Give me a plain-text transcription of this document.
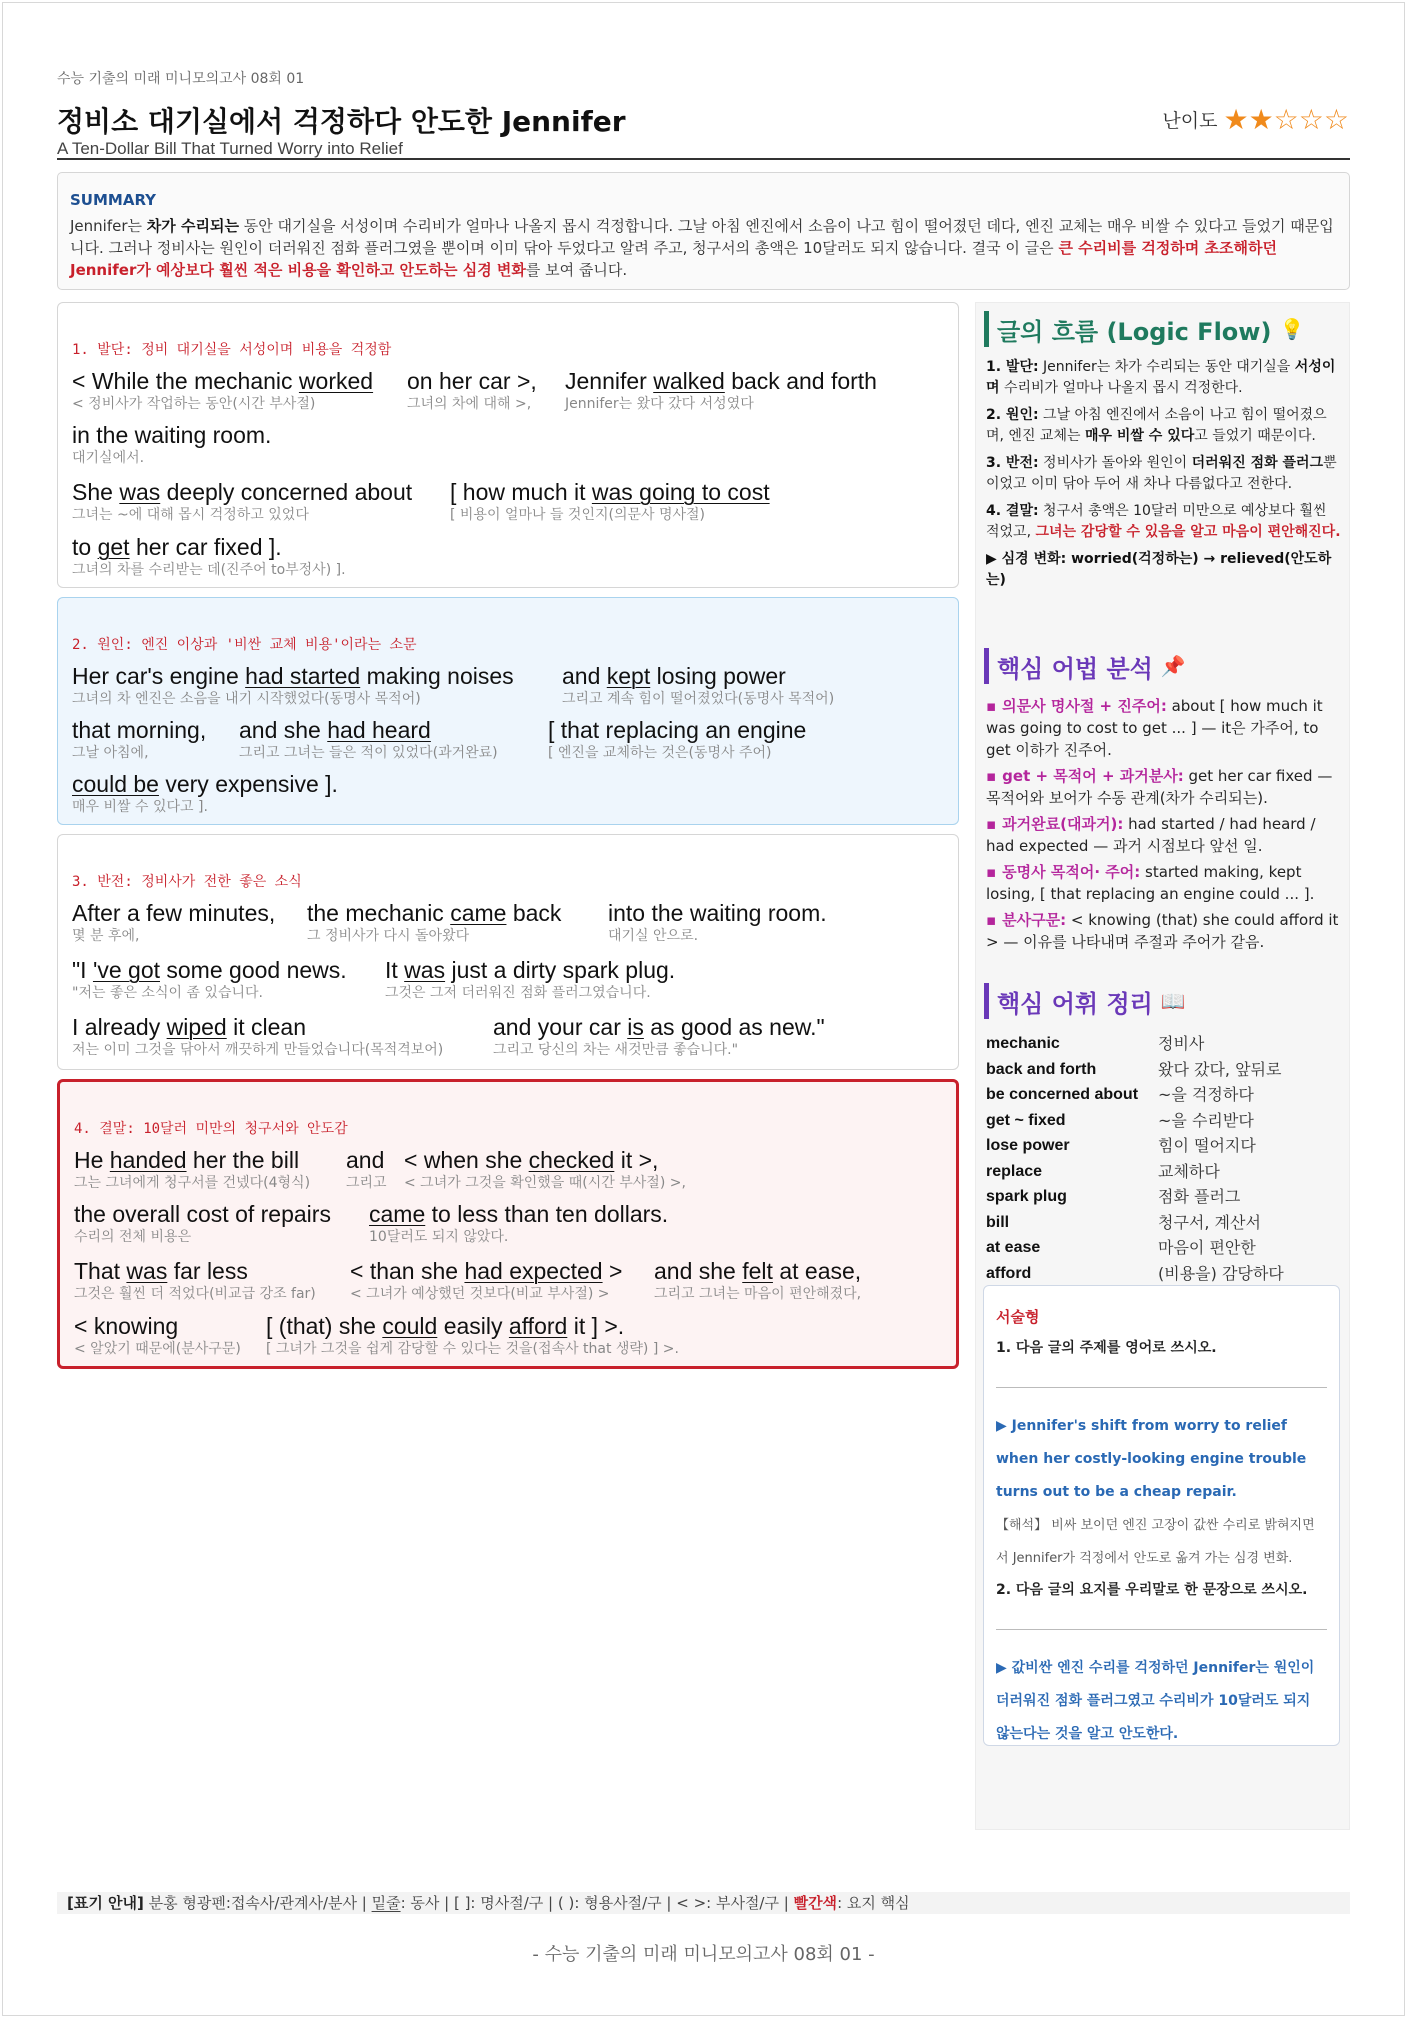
수능 기출의 미래 미니모의고사 08회 01
정비소 대기실에서 걱정하다 안도한 Jennifer
A Ten-Dollar Bill That Turned Worry into Relief
난이도 ★★☆☆☆
SUMMARY
Jennifer는 차가 수리되는 동안 대기실을 서성이며 수리비가 얼마나 나올지 몹시 걱정합니다. 그날 아침 엔진에서 소음이 나고 힘이 떨어졌던 데다, 엔진 교체는 매우 비쌀 수 있다고 들었기 때문입니다. 그러나 정비사는 원인이 더러워진 점화 플러그였을 뿐이며 이미 닦아 두었다고 알려 주고, 청구서의 총액은 10달러도 되지 않습니다. 결국 이 글은 큰 수리비를 걱정하며 초조해하던 Jennifer가 예상보다 훨씬 적은 비용을 확인하고 안도하는 심경 변화를 보여 줍니다.
1. 발단: 정비 대기실을 서성이며 비용을 걱정함
< While the mechanic worked
< 정비사가 작업하는 동안(시간 부사절)
on her car >,
그녀의 차에 대해 >,
Jennifer walked back and forth
Jennifer는 왔다 갔다 서성였다
in the waiting room.
대기실에서.
She was deeply concerned about
그녀는 ~에 대해 몹시 걱정하고 있었다
[ how much it was going to cost
[ 비용이 얼마나 들 것인지(의문사 명사절)
to get her car fixed ].
그녀의 차를 수리받는 데(진주어 to부정사) ].
2. 원인: 엔진 이상과 '비싼 교체 비용'이라는 소문
Her car's engine had started making noises
그녀의 차 엔진은 소음을 내기 시작했었다(동명사 목적어)
and kept losing power
그리고 계속 힘이 떨어졌었다(동명사 목적어)
that morning,
그날 아침에,
and she had heard
그리고 그녀는 들은 적이 있었다(과거완료)
[ that replacing an engine
[ 엔진을 교체하는 것은(동명사 주어)
could be very expensive ].
매우 비쌀 수 있다고 ].
3. 반전: 정비사가 전한 좋은 소식
After a few minutes,
몇 분 후에,
the mechanic came back
그 정비사가 다시 돌아왔다
into the waiting room.
대기실 안으로.
"I 've got some good news.
"저는 좋은 소식이 좀 있습니다.
It was just a dirty spark plug.
그것은 그저 더러워진 점화 플러그였습니다.
I already wiped it clean
저는 이미 그것을 닦아서 깨끗하게 만들었습니다(목적격보어)
and your car is as good as new."
그리고 당신의 차는 새것만큼 좋습니다."
4. 결말: 10달러 미만의 청구서와 안도감
He handed her the bill
그는 그녀에게 청구서를 건넸다(4형식)
and
그리고
< when she checked it >,
< 그녀가 그것을 확인했을 때(시간 부사절) >,
the overall cost of repairs
수리의 전체 비용은
came to less than ten dollars.
10달러도 되지 않았다.
That was far less
그것은 훨씬 더 적었다(비교급 강조 far)
< than she had expected >
< 그녀가 예상했던 것보다(비교 부사절) >
and she felt at ease,
그리고 그녀는 마음이 편안해졌다,
< knowing
< 알았기 때문에(분사구문)
[ (that) she could easily afford it ] >.
[ 그녀가 그것을 쉽게 감당할 수 있다는 것을(접속사 that 생략) ] >.
글의 흐름 (Logic Flow) 💡

1. 발단: Jennifer는 차가 수리되는 동안 대기실을 서성이며 수리비가 얼마나 나올지 몹시 걱정한다.

2. 원인: 그날 아침 엔진에서 소음이 나고 힘이 떨어졌으며, 엔진 교체는 매우 비쌀 수 있다고 들었기 때문이다.

3. 반전: 정비사가 돌아와 원인이 더러워진 점화 플러그뿐이었고 이미 닦아 두어 새 차나 다름없다고 전한다.

4. 결말: 청구서 총액은 10달러 미만으로 예상보다 훨씬 적었고, 그녀는 감당할 수 있음을 알고 마음이 편안해진다.

▶ 심경 변화: worried(걱정하는) → relieved(안도하는)

핵심 어법 분석 📌

▪ 의문사 명사절 + 진주어: about [ how much it was going to cost to get ... ] — it은 가주어, to get 이하가 진주어.

▪ get + 목적어 + 과거분사: get her car fixed — 목적어와 보어가 수동 관계(차가 수리되는).

▪ 과거완료(대과거): had started / had heard / had expected — 과거 시점보다 앞선 일.

▪ 동명사 목적어· 주어: started making, kept losing, [ that replacing an engine could ... ].

▪ 분사구문: < knowing (that) she could afford it > — 이유를 나타내며 주절과 주어가 같음.

핵심 어휘 정리 📖
mechanic	정비사
back and forth	왔다 갔다, 앞뒤로
be concerned about	~을 걱정하다
get ~ fixed	~을 수리받다
lose power	힘이 떨어지다
replace	교체하다
spark plug	점화 플러그
bill	청구서, 계산서
at ease	마음이 편안한
afford	(비용을) 감당하다
서술형
1. 다음 글의 주제를 영어로 쓰시오.
▶ Jennifer's shift from worry to relief when her costly-looking engine trouble turns out to be a cheap repair.
【해석】 비싸 보이던 엔진 고장이 값싼 수리로 밝혀지면서 Jennifer가 걱정에서 안도로 옮겨 가는 심경 변화.
2. 다음 글의 요지를 우리말로 한 문장으로 쓰시오.
▶ 값비싼 엔진 수리를 걱정하던 Jennifer는 원인이 더러워진 점화 플러그였고 수리비가 10달러도 되지 않는다는 것을 알고 안도한다.
[표기 안내] 분홍 형광펜:접속사/관계사/분사 | 밑줄: 동사 | [ ]: 명사절/구 | ( ): 형용사절/구 | < >: 부사절/구 | 빨간색: 요지 핵심
- 수능 기출의 미래 미니모의고사 08회 01 -
